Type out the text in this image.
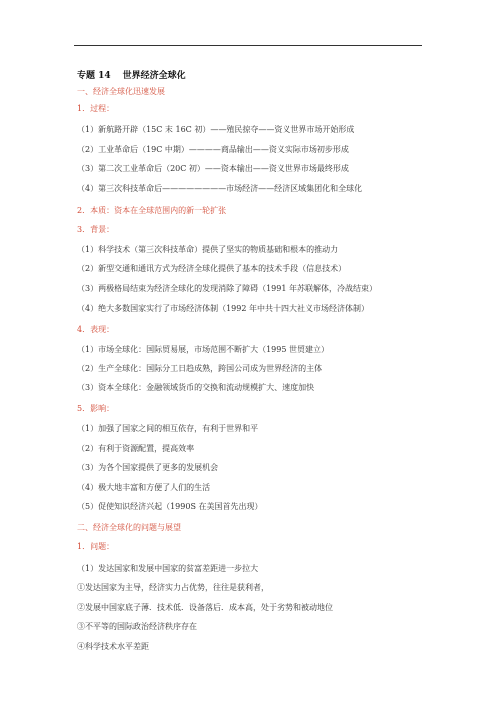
专题 14 世界经济全球化
一、经济全球化迅速发展
1．过程：
（1）新航路开辟（15C 末 16C 初）——殖民掠夺——资义世界市场开始形成
（2）工业革命后（19C 中期）————商品输出——资义实际市场初步形成
（3）第二次工业革命后（20C 初）——资本输出——资义世界市场最终形成
（4）第三次科技革命后————————市场经济——经济区域集团化和全球化
2．本质：资本在全球范围内的新一轮扩张
3．背景：
（1）科学技术（第三次科技革命）提供了坚实的物质基础和根本的推动力
（2）新型交通和通讯方式为经济全球化提供了基本的技术手段（信息技术）
（3）两极格局结束为经济全球化的发现消除了障碍（1991 年苏联解体，冷战结束）
（4）绝大多数国家实行了市场经济体制（1992 年中共十四大社义市场经济体制）
4．表现：
（1）市场全球化：国际贸易展，市场范围不断扩大（1995 世贸建立）
（2）生产全球化：国际分工日趋成熟，跨国公司成为世界经济的主体
（3）资本全球化：金融领域货币的交换和流动规模扩大、速度加快
5．影响：
（1）加强了国家之间的相互依存，有利于世界和平
（2）有利于资源配置，提高效率
（3）为各个国家提供了更多的发展机会
（4）极大地丰富和方便了人们的生活
（5）促使知识经济兴起（1990S 在美国首先出现）
二、经济全球化的问题与展望
1．问题：
（1）发达国家和发展中国家的贫富差距进一步拉大
①发达国家为主导，经济实力占优势，往往是获利者，
②发展中国家底子薄．技术低．设备落后．成本高，处于劣势和被动地位
③不平等的国际政治经济秩序存在
④科学技术水平差距
